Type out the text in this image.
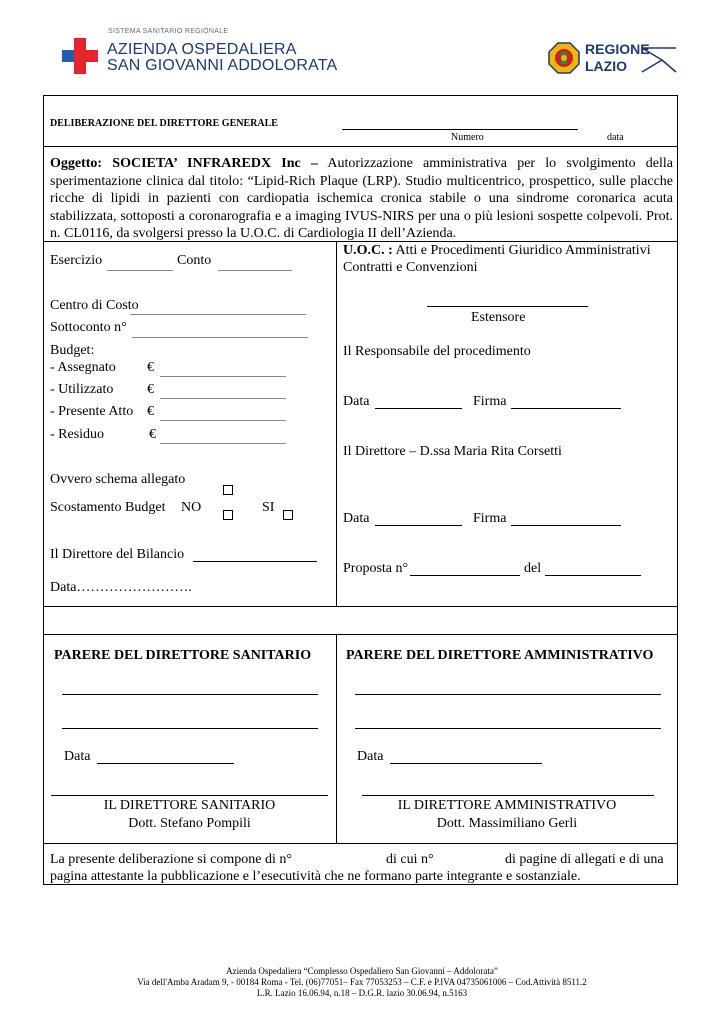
SISTEMA SANITARIO REGIONALE
AZIENDA OSPEDALIERA
SAN GIOVANNI ADDOLORATA
REGIONE
LAZIO
DELIBERAZIONE DEL DIRETTORE GENERALE
Numero	data
Oggetto: SOCIETA’ INFRAREDX Inc – Autorizzazione amministrativa per lo svolgimento della sperimentazione clinica dal titolo: “Lipid-Rich Plaque (LRP). Studio multicentrico, prospettico, sulle placche ricche di lipidi in pazienti con cardiopatia ischemica cronica stabile o una sindrome coronarica acuta stabilizzata, sottoposti a coronarografia e a imaging IVUS-NIRS per una o più lesioni sospette colpevoli. Prot. n. CL0116, da svolgersi presso la U.O.C. di Cardiologia II dell’Azienda.
Esercizio	Conto
Centro di Costo
Sottoconto n°
Budget:
- Assegnato €
- Utilizzato €
- Presente Atto €
- Residuo	€
Ovvero schema allegato
Scostamento Budget NO	SI
Il Direttore del Bilancio
Data…………………….
U.O.C. : Atti e Procedimenti Giuridico Amministrativi
Contratti e Convenzioni
Estensore
Il Responsabile del procedimento
Data	Firma
Il Direttore – D.ssa Maria Rita Corsetti
Data	Firma
Proposta n°	del
PARERE DEL DIRETTORE SANITARIO PARERE DEL DIRETTORE AMMINISTRATIVO
Data	Data
IL DIRETTORE SANITARIO
Dott. Stefano Pompili
IL DIRETTORE AMMINISTRATIVO
Dott. Massimiliano Gerli
La presente deliberazione si compone di n°	di cui n°	di pagine di allegati e di una
pagina attestante la pubblicazione e l’esecutività che ne formano parte integrante e sostanziale.
Azienda Ospedaliera “Complesso Ospedaliero San Giovanni – Addolorata”
Via dell'Amba Aradam 9, - 00184 Roma - Tel. (06)77051– Fax 77053253 – C.F. e P.IVA 04735061006 – Cod.Attività 8511.2
L.R. Lazio 16.06.94, n.18 – D.G.R. lazio 30.06.94, n.5163
